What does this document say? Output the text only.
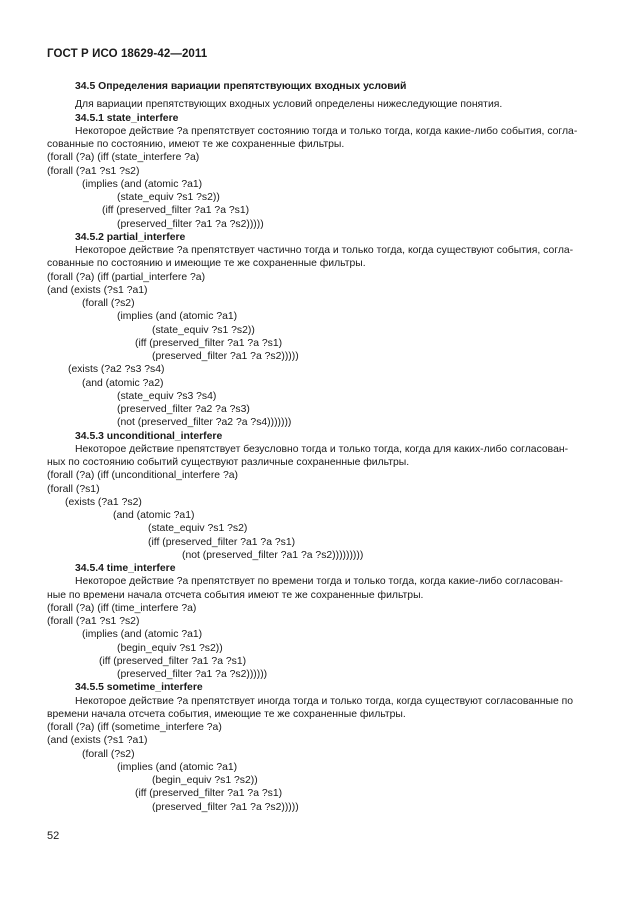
ГОСТ Р ИСО 18629-42—2011
34.5 Определения вариации препятствующих входных условий
Для вариации препятствующих входных условий определены нижеследующие понятия.
34.5.1 state_interfere
Некоторое действие ?a препятствует состоянию тогда и только тогда, когда какие-либо события, согла-
сованные по состоянию, имеют те же сохраненные фильтры.
(forall (?a) (iff (state_interfere ?a)
(forall (?a1 ?s1 ?s2)
(implies (and (atomic ?a1)
(state_equiv ?s1 ?s2))
(iff (preserved_filter ?a1 ?a ?s1)
(preserved_filter ?a1 ?a ?s2)))))
34.5.2 partial_interfere
Некоторое действие ?a препятствует частично тогда и только тогда, когда существуют события, согла-
сованные по состоянию и имеющие те же сохраненные фильтры.
(forall (?a) (iff (partial_interfere ?a)
(and (exists (?s1 ?a1)
(forall (?s2)
(implies (and (atomic ?a1)
(state_equiv ?s1 ?s2))
(iff (preserved_filter ?a1 ?a ?s1)
(preserved_filter ?a1 ?a ?s2)))))
(exists (?a2 ?s3 ?s4)
(and (atomic ?a2)
(state_equiv ?s3 ?s4)
(preserved_filter ?a2 ?a ?s3)
(not (preserved_filter ?a2 ?a ?s4)))))))
34.5.3 unconditional_interfere
Некоторое действие препятствует безусловно тогда и только тогда, когда для каких-либо согласован-
ных по состоянию событий существуют различные сохраненные фильтры.
(forall (?a) (iff (unconditional_interfere ?a)
(forall (?s1)
(exists (?a1 ?s2)
(and (atomic ?a1)
(state_equiv ?s1 ?s2)
(iff (preserved_filter ?a1 ?a ?s1)
(not (preserved_filter ?a1 ?a ?s2)))))))))
34.5.4 time_interfere
Некоторое действие ?a препятствует по времени тогда и только тогда, когда какие-либо согласован-
ные по времени начала отсчета события имеют те же сохраненные фильтры.
(forall (?a) (iff (time_interfere ?a)
(forall (?a1 ?s1 ?s2)
(implies (and (atomic ?a1)
(begin_equiv ?s1 ?s2))
(iff (preserved_filter ?a1 ?a ?s1)
(preserved_filter ?a1 ?a ?s2))))))
34.5.5 sometime_interfere
Некоторое действие ?a препятствует иногда тогда и только тогда, когда существуют согласованные по
времени начала отсчета события, имеющие те же сохраненные фильтры.
(forall (?a) (iff (sometime_interfere ?a)
(and (exists (?s1 ?a1)
(forall (?s2)
(implies (and (atomic ?a1)
(begin_equiv ?s1 ?s2))
(iff (preserved_filter ?a1 ?a ?s1)
(preserved_filter ?a1 ?a ?s2)))))
52
